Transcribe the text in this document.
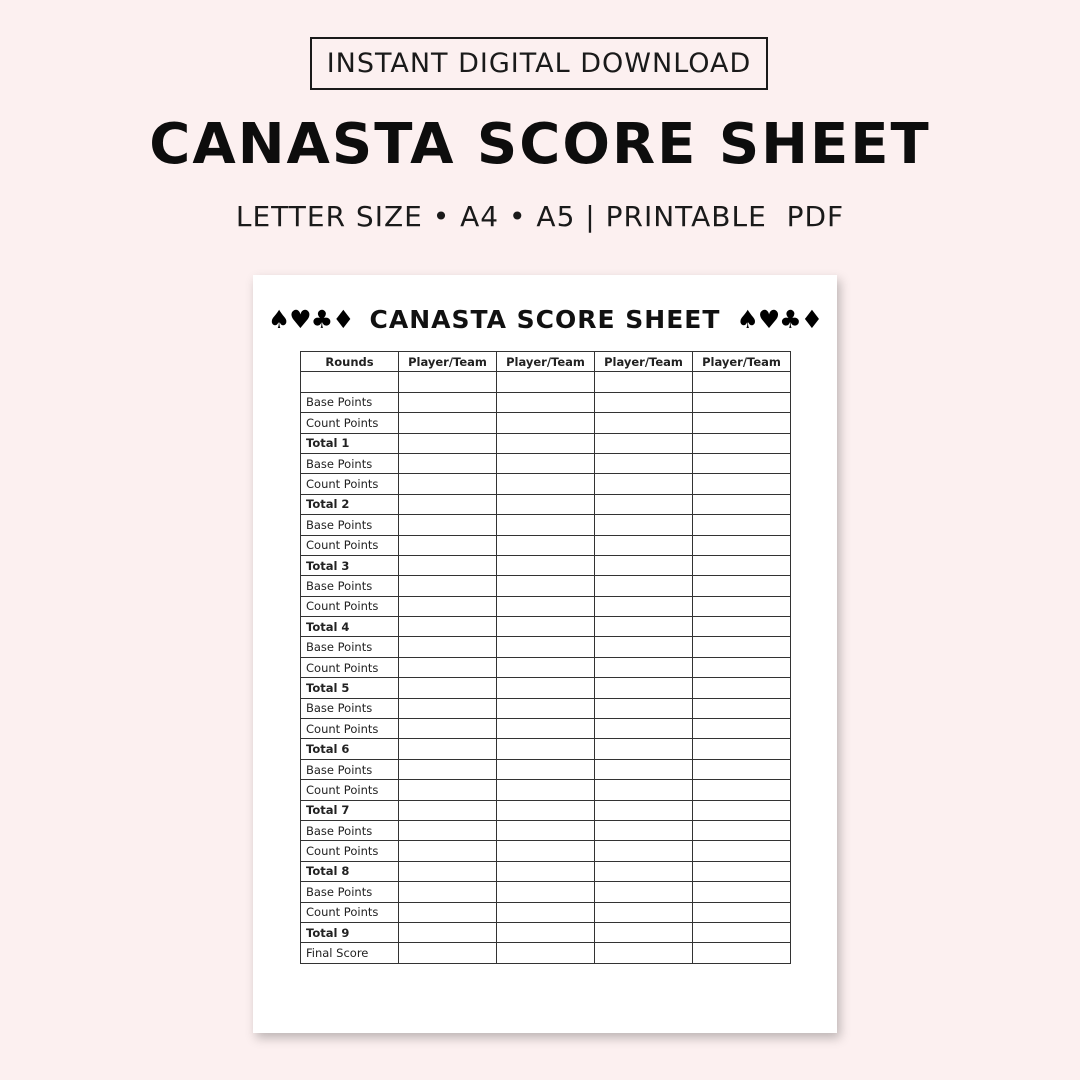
INSTANT DIGITAL DOWNLOAD
CANASTA SCORE SHEET
LETTER SIZE • A4 • A5 | PRINTABLE  PDF
♠♥♣♦ CANASTA SCORE SHEET ♠♥♣♦
Rounds	Player/Team	Player/Team	Player/Team	Player/Team

Base Points				
Count Points				
Total 1				
Base Points				
Count Points				
Total 2				
Base Points				
Count Points				
Total 3				
Base Points				
Count Points				
Total 4				
Base Points				
Count Points				
Total 5				
Base Points				
Count Points				
Total 6				
Base Points				
Count Points				
Total 7				
Base Points				
Count Points				
Total 8				
Base Points				
Count Points				
Total 9				
Final Score				
